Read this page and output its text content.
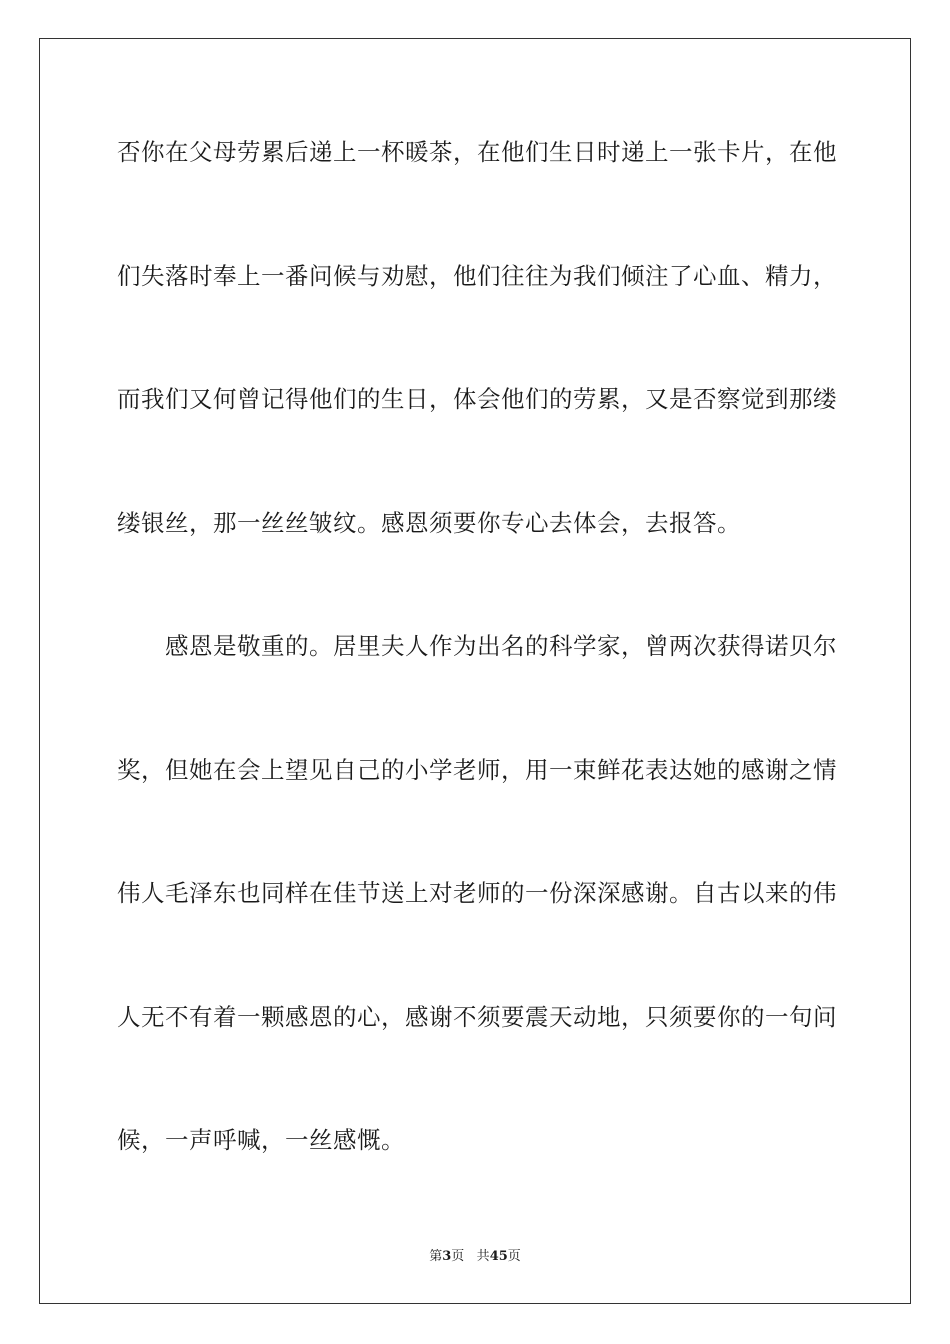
否你在父母劳累后递上一杯暖茶，在他们生日时递上一张卡片，在他
们失落时奉上一番问候与劝慰，他们往往为我们倾注了心血、精力，
而我们又何曾记得他们的生日，体会他们的劳累，又是否察觉到那缕
缕银丝，那一丝丝皱纹。感恩须要你专心去体会，去报答。
感恩是敬重的。居里夫人作为出名的科学家，曾两次获得诺贝尔
奖，但她在会上望见自己的小学老师，用一束鲜花表达她的感谢之情
伟人毛泽东也同样在佳节送上对老师的一份深深感谢。自古以来的伟
人无不有着一颗感恩的心，感谢不须要震天动地，只须要你的一句问
候，一声呼喊，一丝感慨。
第3页 共45页
